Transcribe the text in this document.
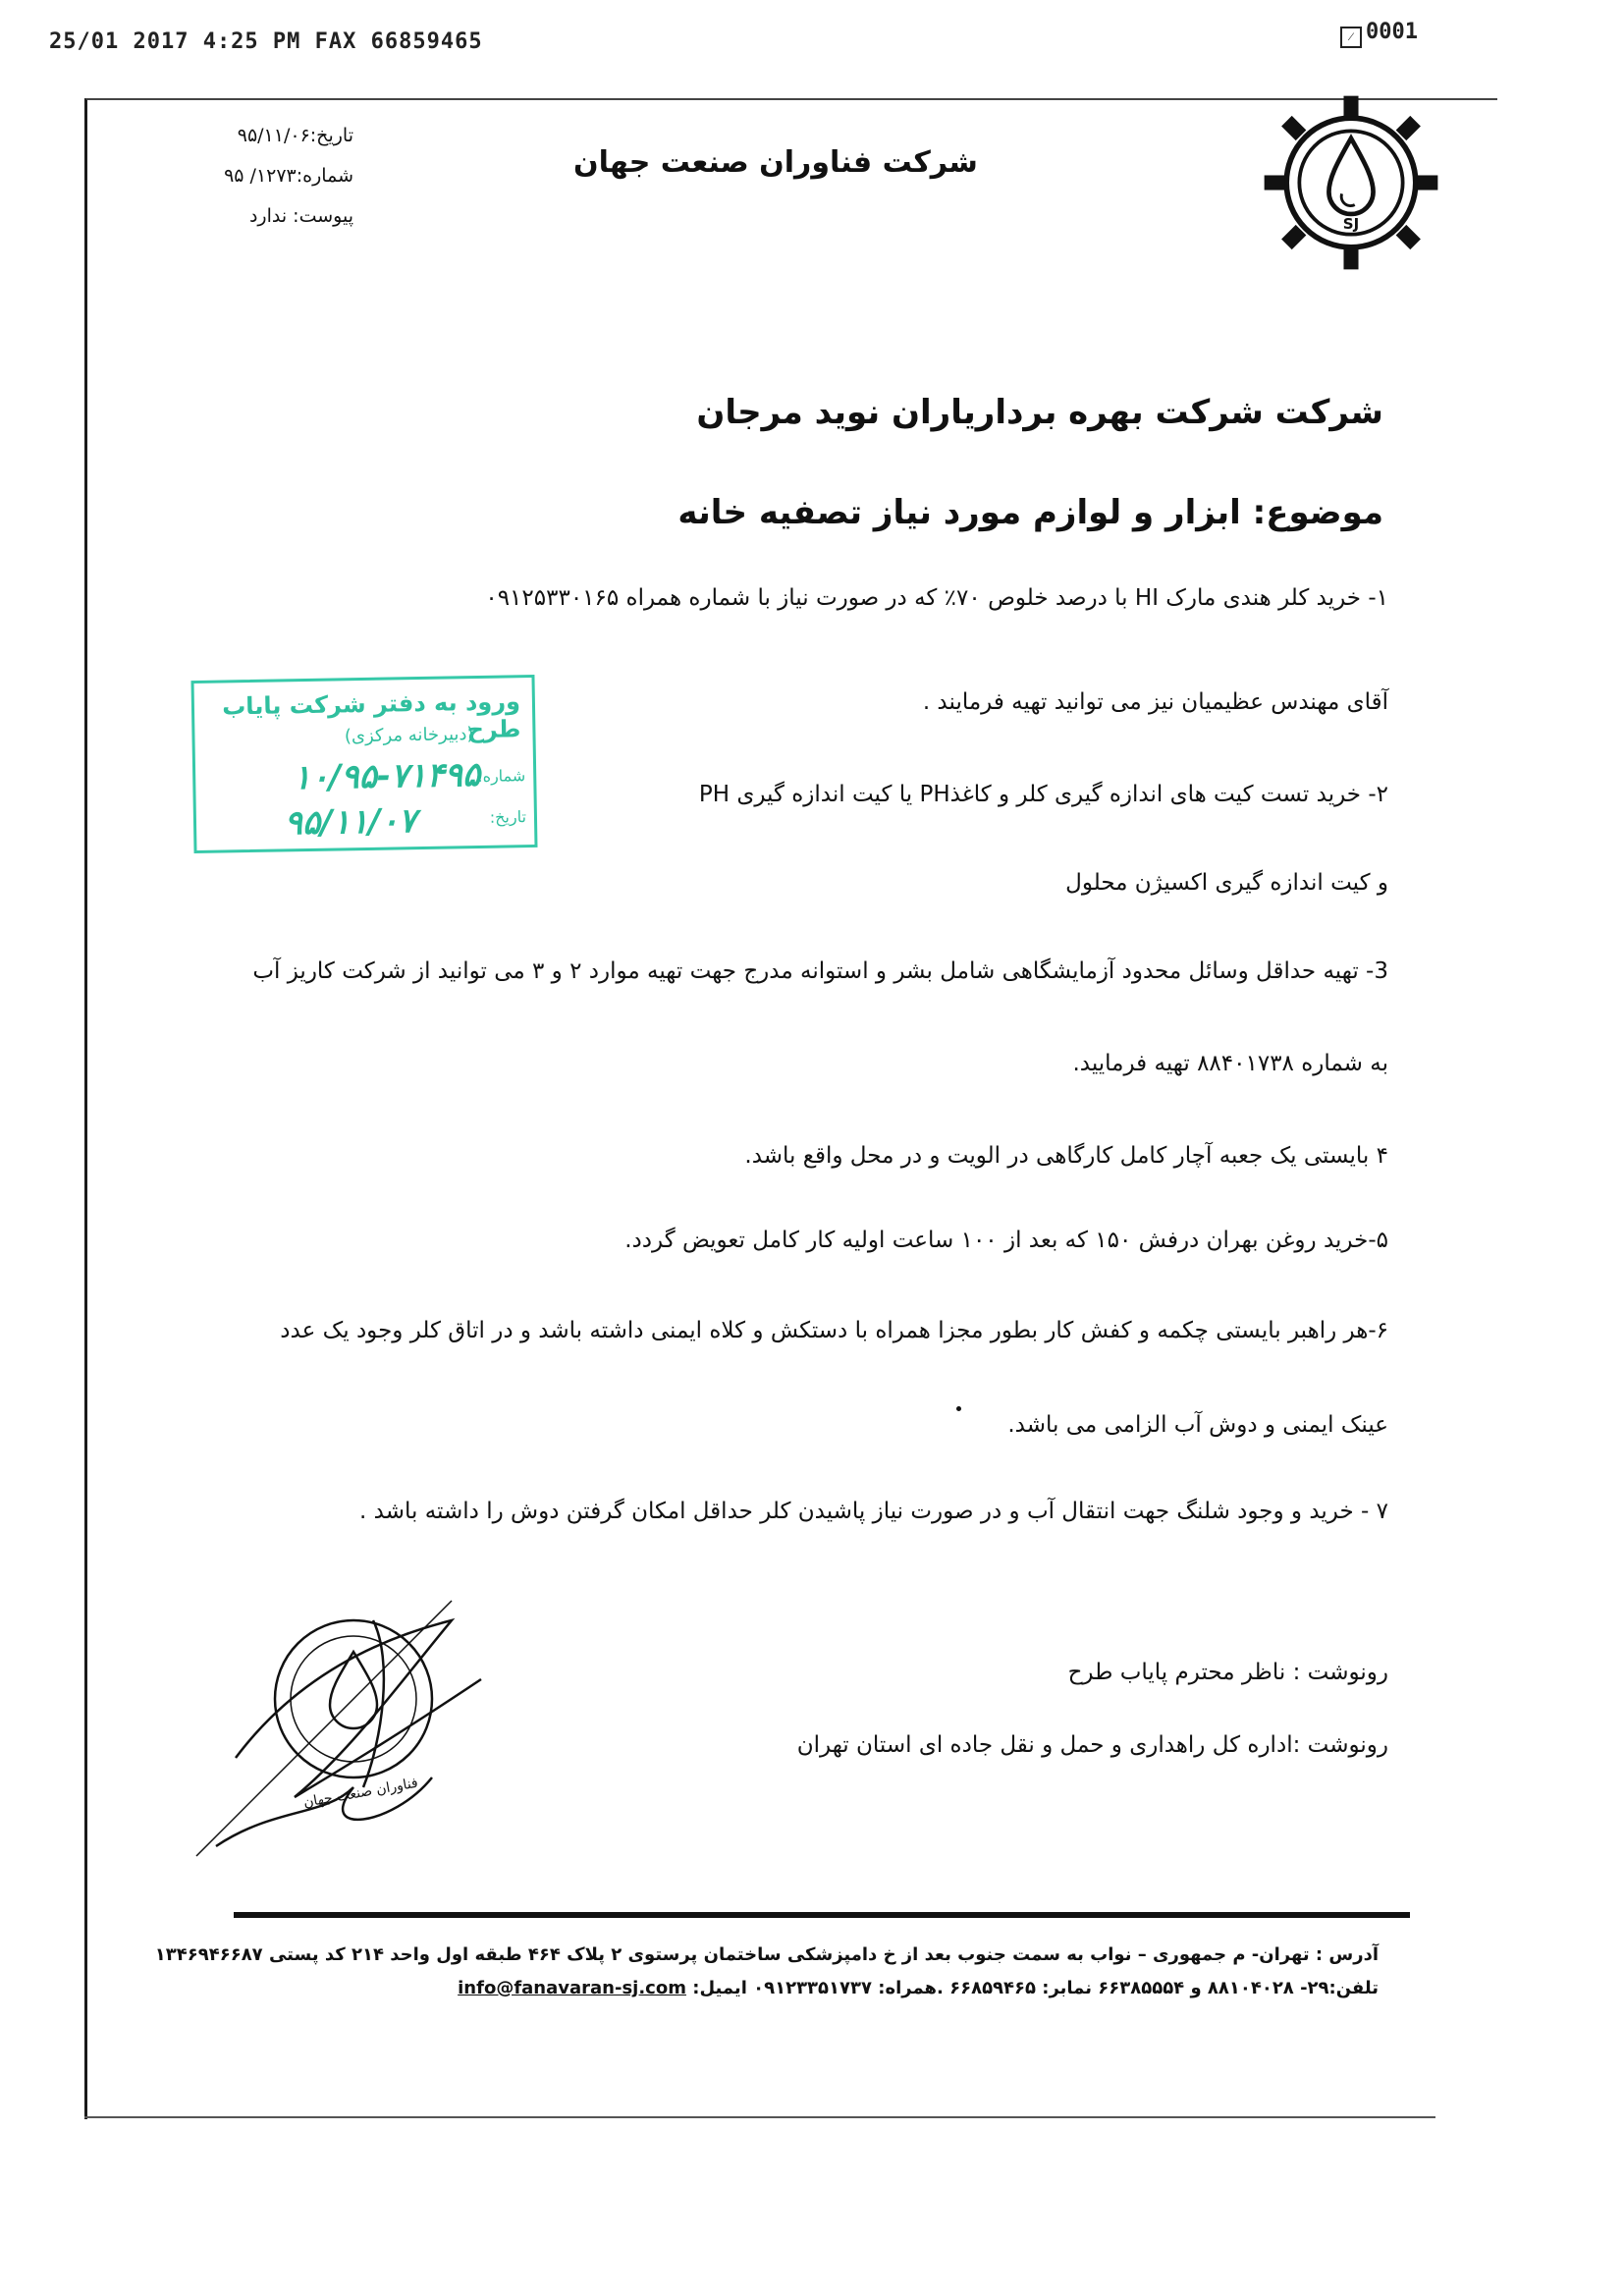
25/01 2017 4:25 PM FAX 66859465	⁄ 0001
SJ
شرکت فناوران صنعت جهان
تاریخ:۹۵/۱۱/۰۶
شماره:۱۲۷۳/ ۹۵
پیوست: ندارد
شرکت شرکت بهره برداریاران نوید مرجان
موضوع: ابزار و لوازم مورد نیاز تصفیه خانه
۱- خرید کلر هندی مارک HI با درصد خلوص ۷۰٪ که در صورت نیاز با شماره همراه ۰۹۱۲۵۳۳۰۱۶۵
آقای مهندس عظیمیان نیز می توانید تهیه فرمایند .
۲- خرید تست کیت های اندازه گیری کلر و کاغذPH یا کیت اندازه گیری PH
و کیت اندازه گیری اکسیژن محلول
3- تهیه حداقل وسائل محدود آزمایشگاهی شامل بشر و استوانه مدرج جهت تهیه موارد ۲ و ۳ می توانید از شرکت کاریز آب
به شماره ۸۸۴۰۱۷۳۸ تهیه فرمایید.
۴ بایستی یک جعبه آچار کامل کارگاهی در الویت و در محل واقع باشد.
۵-خرید روغن بهران درفش ۱۵۰ که بعد از ۱۰۰ ساعت اولیه کار کامل تعویض گردد.
۶-هر راهبر بایستی چکمه و کفش کار بطور مجزا همراه با دستکش و کلاه ایمنی داشته باشد و در اتاق کلر وجود یک عدد
عینک ایمنی و دوش آب الزامی می باشد.
۷ - خرید و وجود شلنگ جهت انتقال آب و در صورت نیاز پاشیدن کلر حداقل امکان گرفتن دوش را داشته باشد .
ورود به دفتر شرکت پایاب طرح
(دبیرخانه مرکزی)
شماره:
۱۰/۹۵-۷۱۴۹۵
تاریخ:
۹۵/۱۱/۰۷
رونوشت : ناظر محترم پایاب طرح
رونوشت :اداره کل راهداری و حمل و نقل جاده ای استان تهران
فناوران صنعت جهان
آدرس : تهران- م جمهوری – نواب به سمت جنوب بعد از خ دامپزشکی ساختمان پرستوی ۲ پلاک ۴۶۴ طبقه اول واحد ۲۱۴ کد پستی ۱۳۴۶۹۴۶۶۸۷
تلفن:۲۹- ۸۸۱۰۴۰۲۸ و ۶۶۳۸۵۵۵۴ نمابر: ۶۶۸۵۹۴۶۵ .همراه: ۰۹۱۲۳۳۵۱۷۳۷ ایمیل: info@fanavaran-sj.com
